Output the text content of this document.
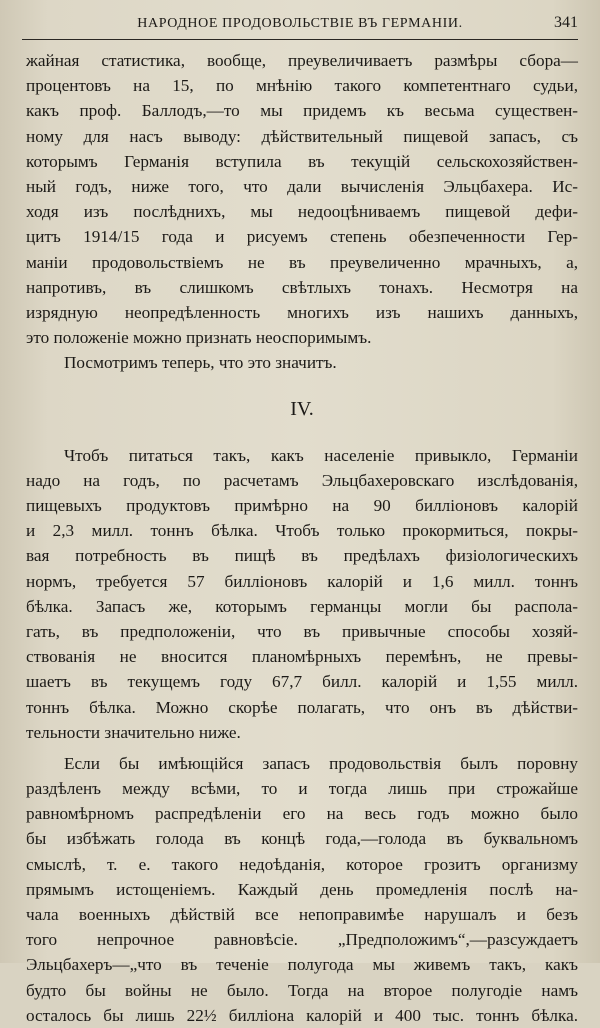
НАРОДНОЕ ПРОДОВОЛЬСТВІЕ ВЪ ГЕРМАНІИ.	341
жайная статистика, вообще, преувеличиваетъ размѣры сбора—
процентовъ на 15, по мнѣнію такого компетентнаго судьи,
какъ проф. Баллодъ,—то мы придемъ къ весьма существен-
ному для насъ выводу: дѣйствительный пищевой запасъ, съ
которымъ Германія вступила въ текущій сельскохозяйствен-
ный годъ, ниже того, что дали вычисленія Эльцбахера. Ис-
ходя изъ послѣднихъ, мы недооцѣниваемъ пищевой дефи-
цитъ 1914/15 года и рисуемъ степень обезпеченности Гер-
маніи продовольствіемъ не въ преувеличенно мрачныхъ, а,
напротивъ, въ слишкомъ свѣтлыхъ тонахъ. Несмотря на
изрядную неопредѣленность многихъ изъ нашихъ данныхъ,
это положеніе можно признать неоспоримымъ.
Посмотримъ теперь, что это значитъ.
IV.
Чтобъ питаться такъ, какъ населеніе привыкло, Германіи
надо на годъ, по расчетамъ Эльцбахеровскаго изслѣдованія,
пищевыхъ продуктовъ примѣрно на 90 билліоновъ калорій
и 2,3 милл. тоннъ бѣлка. Чтобъ только прокормиться, покры-
вая потребность въ пищѣ въ предѣлахъ физіологическихъ
нормъ, требуется 57 билліоновъ калорій и 1,6 милл. тоннъ
бѣлка. Запасъ же, которымъ германцы могли бы распола-
гать, въ предположеніи, что въ привычные способы хозяй-
ствованія не вносится планомѣрныхъ перемѣнъ, не превы-
шаетъ въ текущемъ году 67,7 билл. калорій и 1,55 милл.
тоннъ бѣлка. Можно скорѣе полагать, что онъ въ дѣйстви-
тельности значительно ниже.
Если бы имѣющійся запасъ продовольствія былъ поровну
раздѣленъ между всѣми, то и тогда лишь при строжайше
равномѣрномъ распредѣленіи его на весь годъ можно было
бы избѣжать голода въ концѣ года,—голода въ буквальномъ
смыслѣ, т. е. такого недоѣданія, которое грозитъ организму
прямымъ истощеніемъ. Каждый день промедленія послѣ на-
чала военныхъ дѣйствій все непоправимѣе нарушалъ и безъ
того непрочное равновѣсіе. „Предположимъ“,—разсуждаетъ
Эльцбахеръ—„что въ теченіе полугода мы живемъ такъ, какъ
будто бы войны не было. Тогда на второе полугодіе намъ
осталось бы лишь 22½ билліона калорій и 400 тыс. тоннъ бѣлка.
